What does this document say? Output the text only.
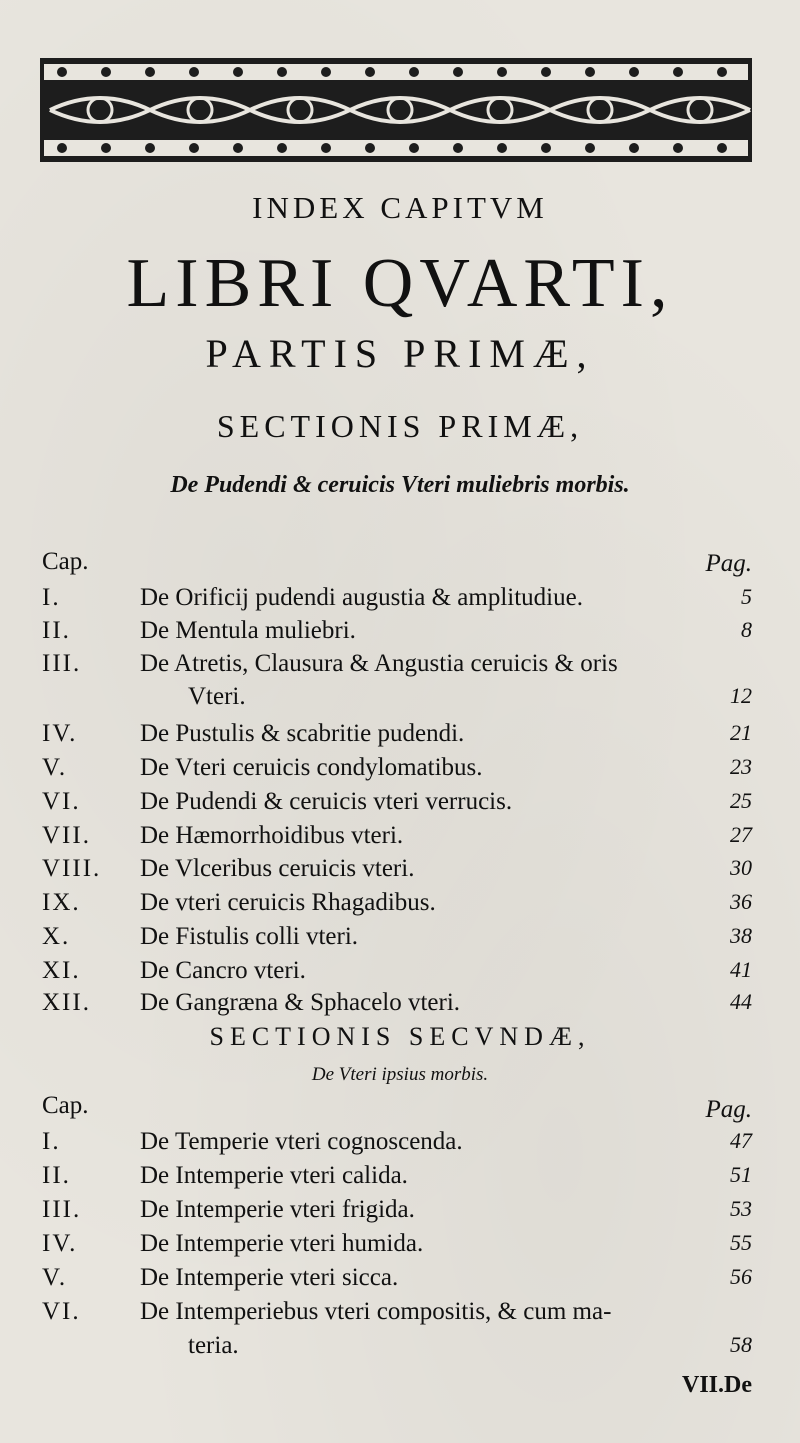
INDEX CAPITVM
LIBRI QVARTI,
PARTIS PRIMÆ,
SECTIONIS PRIMÆ,
De Pudendi & ceruicis Vteri muliebris morbis.
Cap.	Pag.
I.	De Orificij pudendi augustia & amplitudiue.	5
II.	De Mentula muliebri.	8
III. De Atretis, Clausura & Angustia ceruicis & oris
Vteri.	12
IV.	De Pustulis & scabritie pudendi.	21
V.	De Vteri ceruicis condylomatibus.	23
VI. De Pudendi & ceruicis vteri verrucis.	25
VII. De Hæmorrhoidibus vteri.	27
VIII. De Vlceribus ceruicis vteri.	30
IX. De vteri ceruicis Rhagadibus.	36
X.	De Fistulis colli vteri.	38
XI. De Cancro vteri.	41
XII. De Gangræna & Sphacelo vteri.	44
SECTIONIS SECVNDÆ,
De Vteri ipsius morbis.
Cap.	Pag.
I.	De Temperie vteri cognoscenda.	47
II.	De Intemperie vteri calida.	51
III. De Intemperie vteri frigida.	53
IV.	De Intemperie vteri humida.	55
V.	De Intemperie vteri sicca.	56
VI. De Intemperiebus vteri compositis, & cum ma-
teria.	58
VII.De
